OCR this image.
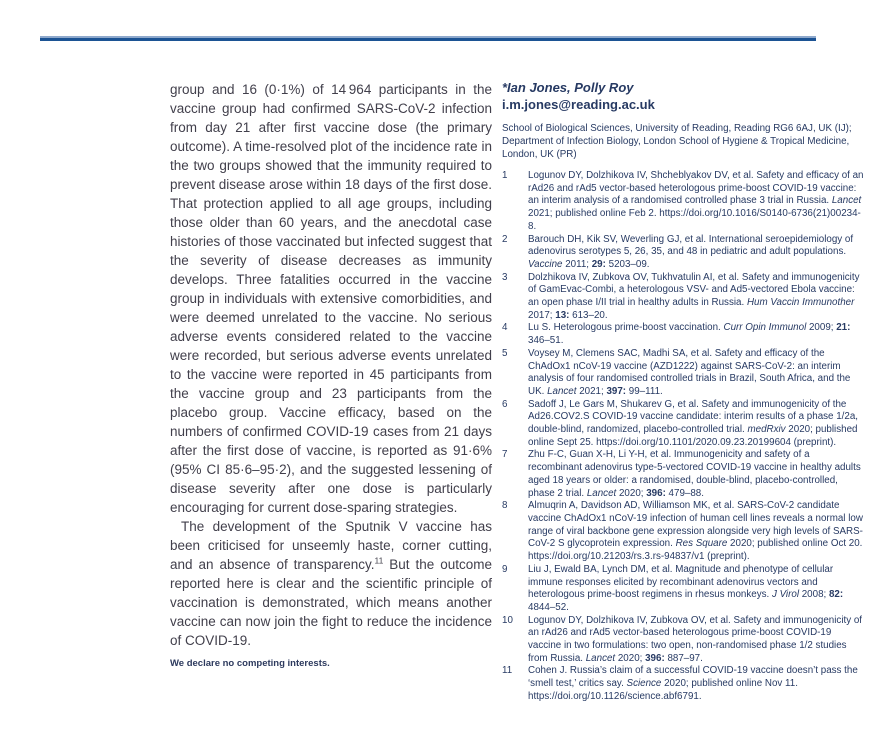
group and 16 (0·1%) of 14 964 participants in the vaccine group had confirmed SARS-CoV-2 infection from day 21 after first vaccine dose (the primary outcome). A time-resolved plot of the incidence rate in the two groups showed that the immunity required to prevent disease arose within 18 days of the first dose. That protection applied to all age groups, including those older than 60 years, and the anecdotal case histories of those vaccinated but infected suggest that the severity of disease decreases as immunity develops. Three fatalities occurred in the vaccine group in individuals with extensive comorbidities, and were deemed unrelated to the vaccine. No serious adverse events considered related to the vaccine were recorded, but serious adverse events unrelated to the vaccine were reported in 45 participants from the vaccine group and 23 participants from the placebo group. Vaccine efficacy, based on the numbers of confirmed COVID-19 cases from 21 days after the first dose of vaccine, is reported as 91·6% (95% CI 85·6–95·2), and the suggested lessening of disease severity after one dose is particularly encouraging for current dose-sparing strategies.

The development of the Sputnik V vaccine has been criticised for unseemly haste, corner cutting, and an absence of transparency.$^{11}$ But the outcome reported here is clear and the scientific principle of vaccination is demonstrated, which means another vaccine can now join the fight to reduce the incidence of COVID-19.

We declare no competing interests.

*Ian Jones, Polly Roy

i.m.jones@reading.ac.uk

School of Biological Sciences, University of Reading, Reading RG6 6AJ, UK (IJ); Department of Infection Biology, London School of Hygiene & Tropical Medicine, London, UK (PR)

1 Logunov DY, Dolzhikova IV, Shcheblyakov DV, et al. Safety and efficacy of an rAd26 and rAd5 vector-based heterologous prime-boost COVID-19 vaccine: an interim analysis of a randomised controlled phase 3 trial in Russia. Lancet 2021; published online Feb 2. https://doi.org/10.1016/S0140-6736(21)00234-8.
2 Barouch DH, Kik SV, Weverling GJ, et al. International seroepidemiology of adenovirus serotypes 5, 26, 35, and 48 in pediatric and adult populations. Vaccine 2011; 29: 5203–09.
3 Dolzhikova IV, Zubkova OV, Tukhvatulin AI, et al. Safety and immunogenicity of GamEvac-Combi, a heterologous VSV- and Ad5-vectored Ebola vaccine: an open phase I/II trial in healthy adults in Russia. Hum Vaccin Immunother 2017; 13: 613–20.
4 Lu S. Heterologous prime-boost vaccination. Curr Opin Immunol 2009; 21: 346–51.
5 Voysey M, Clemens SAC, Madhi SA, et al. Safety and efficacy of the ChAdOx1 nCoV-19 vaccine (AZD1222) against SARS-CoV-2: an interim analysis of four randomised controlled trials in Brazil, South Africa, and the UK. Lancet 2021; 397: 99–111.
6 Sadoff J, Le Gars M, Shukarev G, et al. Safety and immunogenicity of the Ad26.COV2.S COVID-19 vaccine candidate: interim results of a phase 1/2a, double-blind, randomized, placebo-controlled trial. medRxiv 2020; published online Sept 25. https://doi.org/10.1101/2020.09.23.20199604 (preprint).
7 Zhu F-C, Guan X-H, Li Y-H, et al. Immunogenicity and safety of a recombinant adenovirus type-5-vectored COVID-19 vaccine in healthy adults aged 18 years or older: a randomised, double-blind, placebo-controlled, phase 2 trial. Lancet 2020; 396: 479–88.
8 Almuqrin A, Davidson AD, Williamson MK, et al. SARS-CoV-2 candidate vaccine ChAdOx1 nCoV-19 infection of human cell lines reveals a normal low range of viral backbone gene expression alongside very high levels of SARS-CoV-2 S glycoprotein expression. Res Square 2020; published online Oct 20. https://doi.org/10.21203/rs.3.rs-94837/v1 (preprint).
9 Liu J, Ewald BA, Lynch DM, et al. Magnitude and phenotype of cellular immune responses elicited by recombinant adenovirus vectors and heterologous prime-boost regimens in rhesus monkeys. J Virol 2008; 82: 4844–52.
10 Logunov DY, Dolzhikova IV, Zubkova OV, et al. Safety and immunogenicity of an rAd26 and rAd5 vector-based heterologous prime-boost COVID-19 vaccine in two formulations: two open, non-randomised phase 1/2 studies from Russia. Lancet 2020; 396: 887–97.
11 Cohen J. Russia’s claim of a successful COVID-19 vaccine doesn’t pass the ‘smell test,’ critics say. Science 2020; published online Nov 11. https://doi.org/10.1126/science.abf6791.
